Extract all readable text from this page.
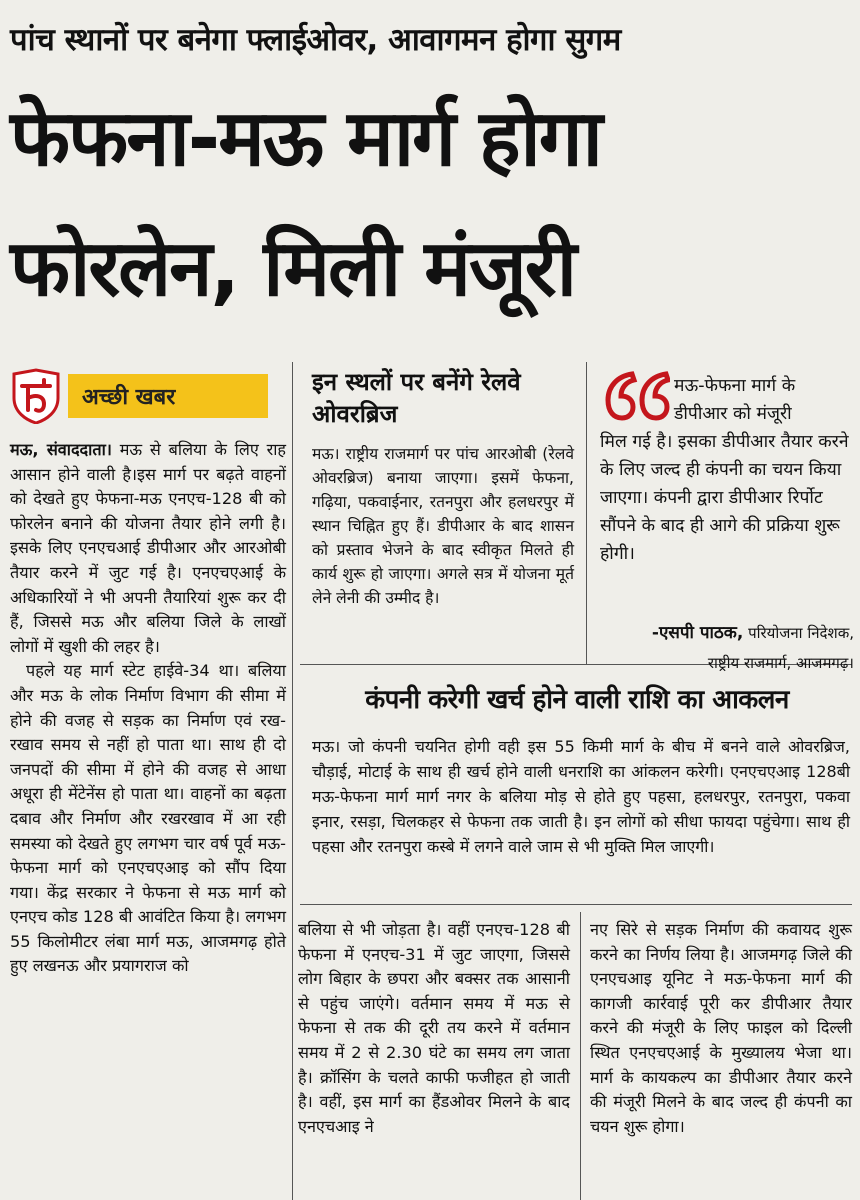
पांच स्थानों पर बनेगा फ्लाईओवर, आवागमन होगा सुगम
फेफना-मऊ मार्ग होगा
फोरलेन, मिली मंजूरी
अच्छी खबर

मऊ, संवाददाता। मऊ से बलिया के लिए राह आसान होने वाली है।इस मार्ग पर बढ़ते वाहनों को देखते हुए फेफना-मऊ एनएच-128 बी को फोरलेन बनाने की योजना तैयार होने लगी है। इसके लिए एनएचआई डीपीआर और आरओबी तैयार करने में जुट गई है। एनएचएआई के अधिकारियों ने भी अपनी तैयारियां शुरू कर दी हैं, जिससे मऊ और बलिया जिले के लाखों लोगों में खुशी की लहर है।

पहले यह मार्ग स्टेट हाईवे-34 था। बलिया और मऊ के लोक निर्माण विभाग की सीमा में होने की वजह से सड़क का निर्माण एवं रख-रखाव समय से नहीं हो पाता था। साथ ही दो जनपदों की सीमा में होने की वजह से आधा अधूरा ही मेंटेनेंस हो पाता था। वाहनों का बढ़ता दबाव और निर्माण और रखरखाव में आ रही समस्या को देखते हुए लगभग चार वर्ष पूर्व मऊ-फेफना मार्ग को एनएचएआइ को सौंप दिया गया। केंद्र सरकार ने फेफना से मऊ मार्ग को एनएच कोड 128 बी आवंटित किया है। लगभग 55 किलोमीटर लंबा मार्ग मऊ, आजमगढ़ होते हुए लखनऊ और प्रयागराज को

इन स्थलों पर बनेंगे रेलवे ओवरब्रिज
मऊ। राष्ट्रीय राजमार्ग पर पांच आरओबी (रेलवे ओवरब्रिज) बनाया जाएगा। इसमें फेफना, गढ़िया, पकवाईनार, रतनपुरा और हलधरपुर में स्थान चिह्नित हुए हैं। डीपीआर के बाद शासन को प्रस्ताव भेजने के बाद स्वीकृत मिलते ही कार्य शुरू हो जाएगा। अगले सत्र में योजना मूर्त लेने लेनी की उम्मीद है।
मऊ-फेफना मार्ग के डीपीआर को मंजूरी
मिल गई है। इसका डीपीआर तैयार करने के लिए जल्द ही कंपनी का चयन किया जाएगा। कंपनी द्वारा डीपीआर रिर्पोट सौंपने के बाद ही आगे की प्रक्रिया शुरू होगी।
-एसपी पाठक, परियोजना निदेशक,
राष्ट्रीय राजमार्ग, आजमगढ़।
कंपनी करेगी खर्च होने वाली राशि का आकलन
मऊ। जो कंपनी चयनित होगी वही इस 55 किमी मार्ग के बीच में बनने वाले ओवरब्रिज, चौड़ाई, मोटाई के साथ ही खर्च होने वाली धनराशि का आंकलन करेगी। एनएचएआइ 128बी मऊ-फेफना मार्ग मार्ग नगर के बलिया मोड़ से होते हुए पहसा, हलधरपुर, रतनपुरा, पकवा इनार, रसड़ा, चिलकहर से फेफना तक जाती है। इन लोगों को सीधा फायदा पहुंचेगा। साथ ही पहसा और रतनपुरा कस्बे में लगने वाले जाम से भी मुक्ति मिल जाएगी।
बलिया से भी जोड़ता है। वहीं एनएच-128 बी फेफना में एनएच-31 में जुट जाएगा, जिससे लोग बिहार के छपरा और बक्सर तक आसानी से पहुंच जाएंगे। वर्तमान समय में मऊ से फेफना से तक की दूरी तय करने में वर्तमान समय में 2 से 2.30 घंटे का समय लग जाता है। क्रॉसिंग के चलते काफी फजीहत हो जाती है। वहीं, इस मार्ग का हैंडओवर मिलने के बाद एनएचआइ ने
नए सिरे से सड़क निर्माण की कवायद शुरू करने का निर्णय लिया है। आजमगढ़ जिले की एनएचआइ यूनिट ने मऊ-फेफना मार्ग की कागजी कार्रवाई पूरी कर डीपीआर तैयार करने की मंजूरी के लिए फाइल को दिल्ली स्थित एनएचएआई के मुख्यालय भेजा था। मार्ग के कायकल्प का डीपीआर तैयार करने की मंजूरी मिलने के बाद जल्द ही कंपनी का चयन शुरू होगा।
